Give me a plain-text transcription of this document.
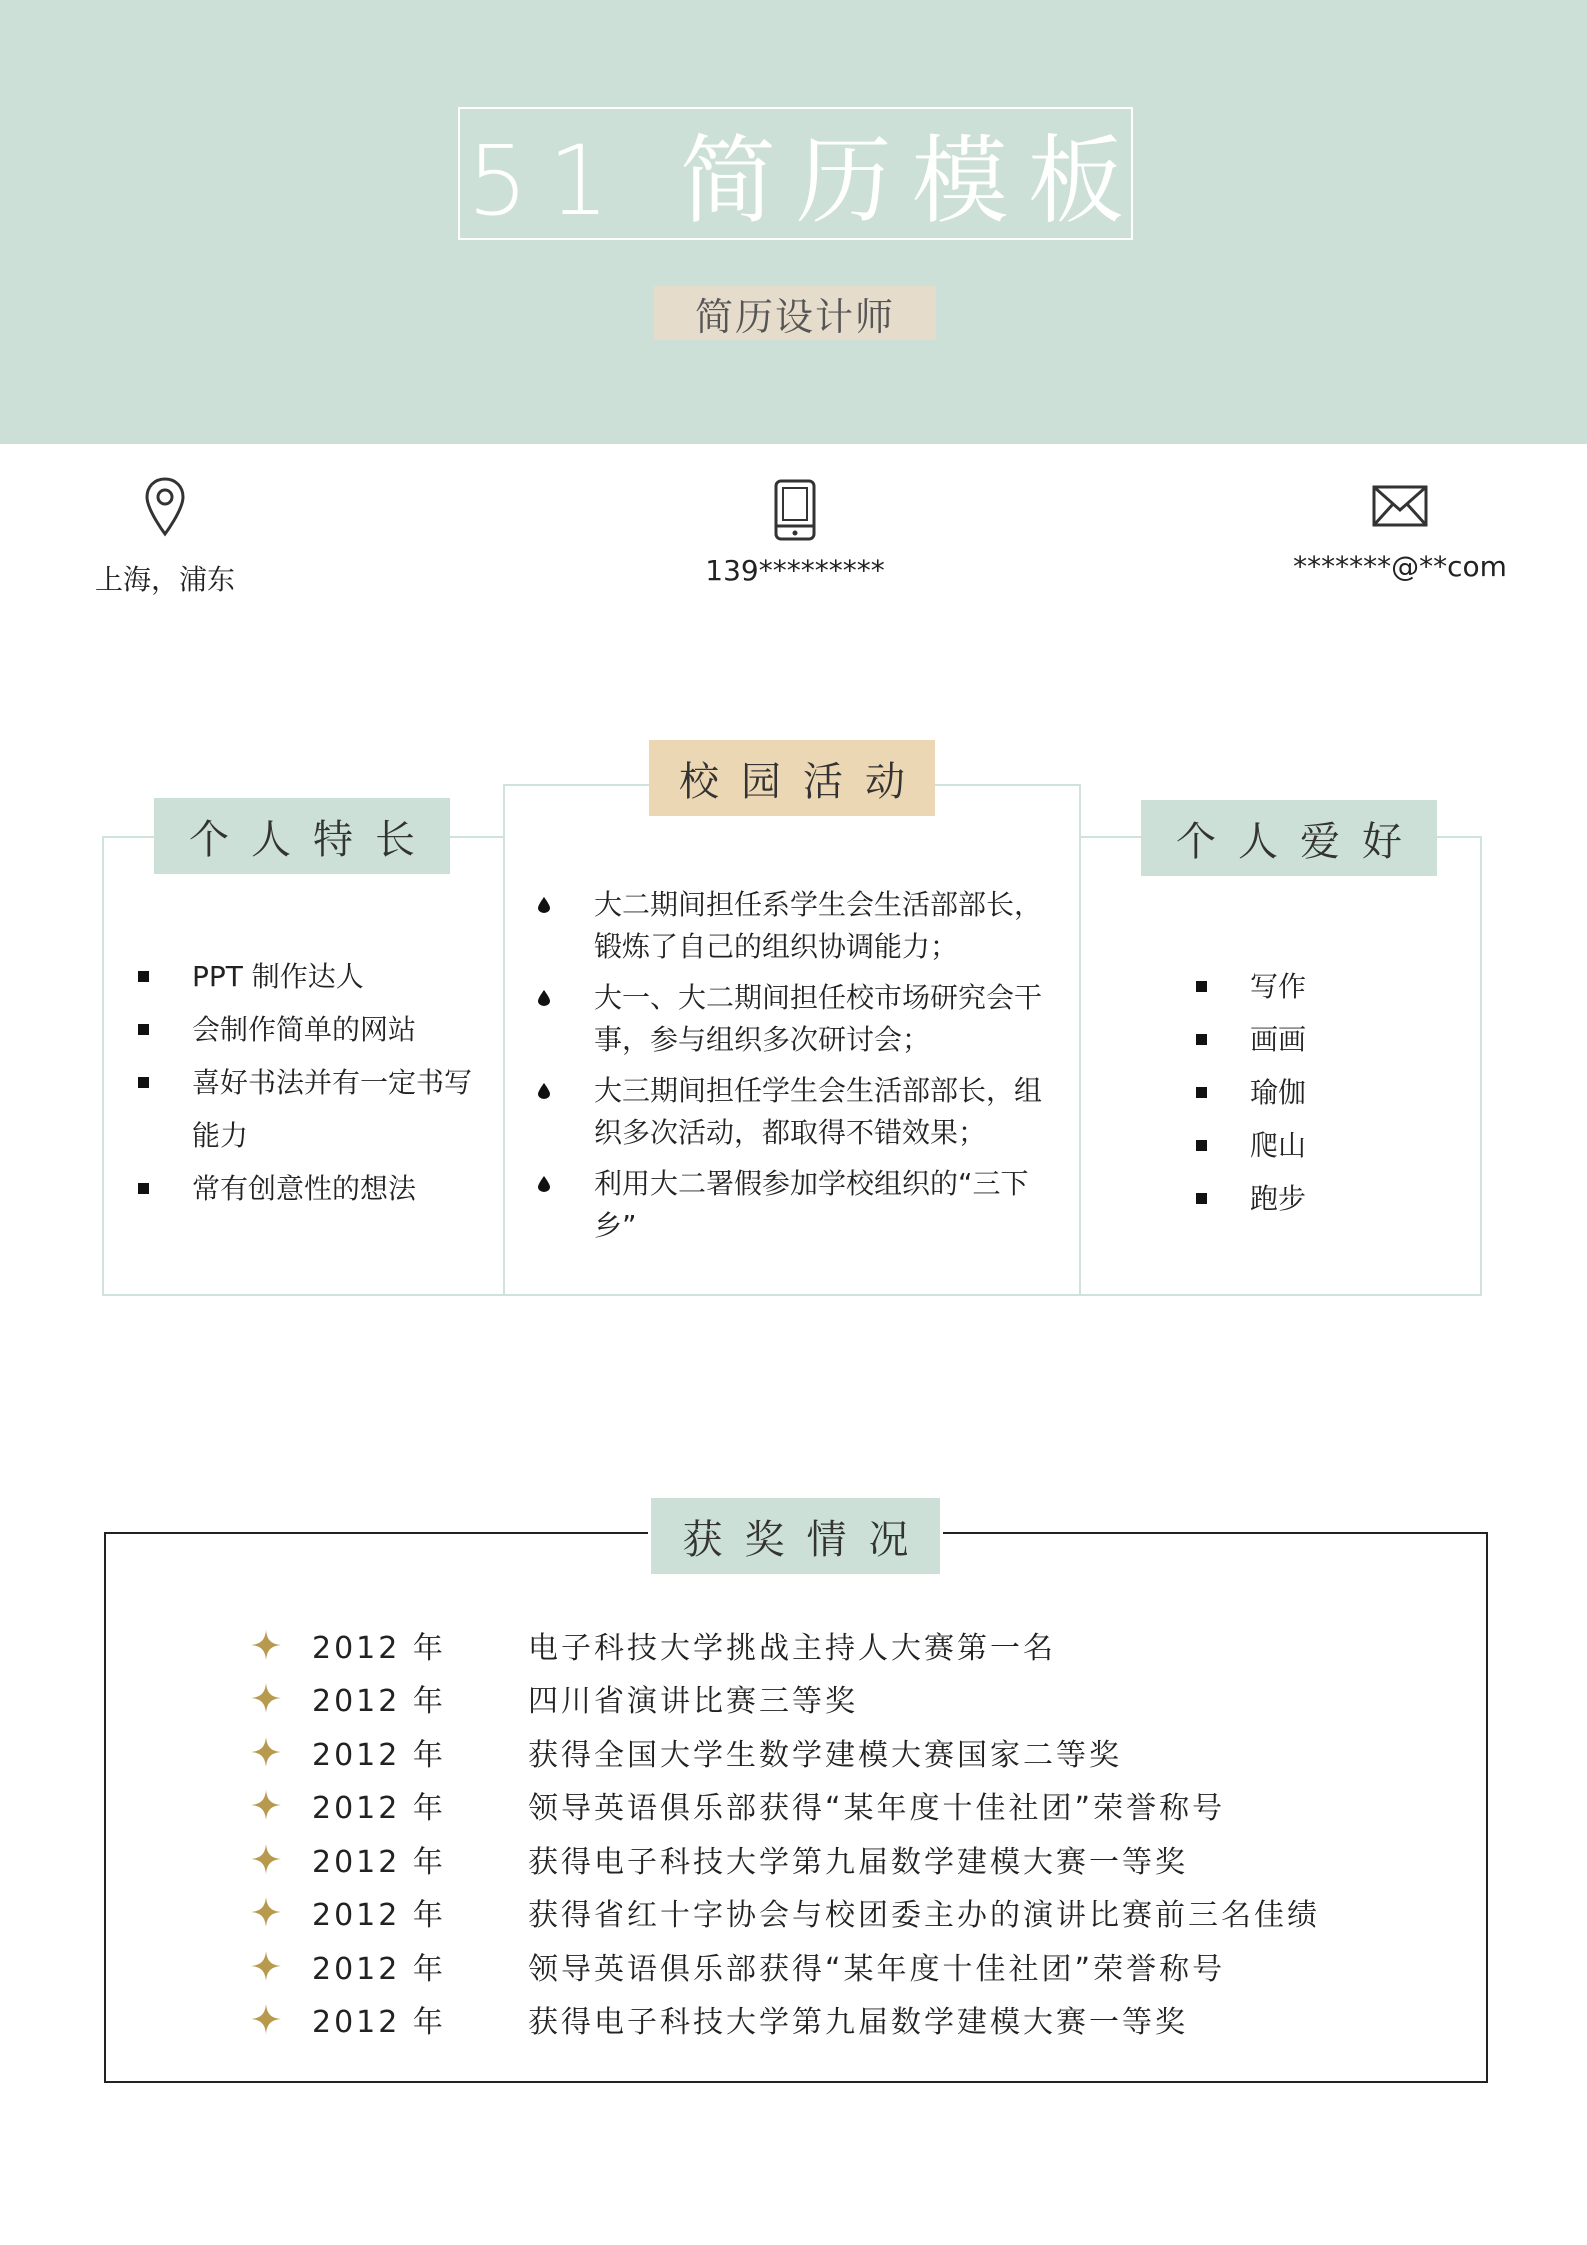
51 简历模板
简历设计师
上海，浦东	139*********	*******@**com
个人特长
校园活动
个人爱好
PPT 制作达人
会制作简单的网站
喜好书法并有一定书写能力
常有创意性的想法
大二期间担任系学生会生活部部长，锻炼了自己的组织协调能力；
大一、大二期间担任校市场研究会干事，参与组织多次研讨会；
大三期间担任学生会生活部部长，组织多次活动，都取得不错效果；
利用大二署假参加学校组织的“三下乡”
写作
画画
瑜伽
爬山
跑步
获奖情况
2012 年	电子科技大学挑战主持人大赛第一名
2012 年	四川省演讲比赛三等奖
2012 年	获得全国大学生数学建模大赛国家二等奖
2012 年	领导英语俱乐部获得“某年度十佳社团”荣誉称号
2012 年	获得电子科技大学第九届数学建模大赛一等奖
2012 年	获得省红十字协会与校团委主办的演讲比赛前三名佳绩
2012 年	领导英语俱乐部获得“某年度十佳社团”荣誉称号
2012 年	获得电子科技大学第九届数学建模大赛一等奖
